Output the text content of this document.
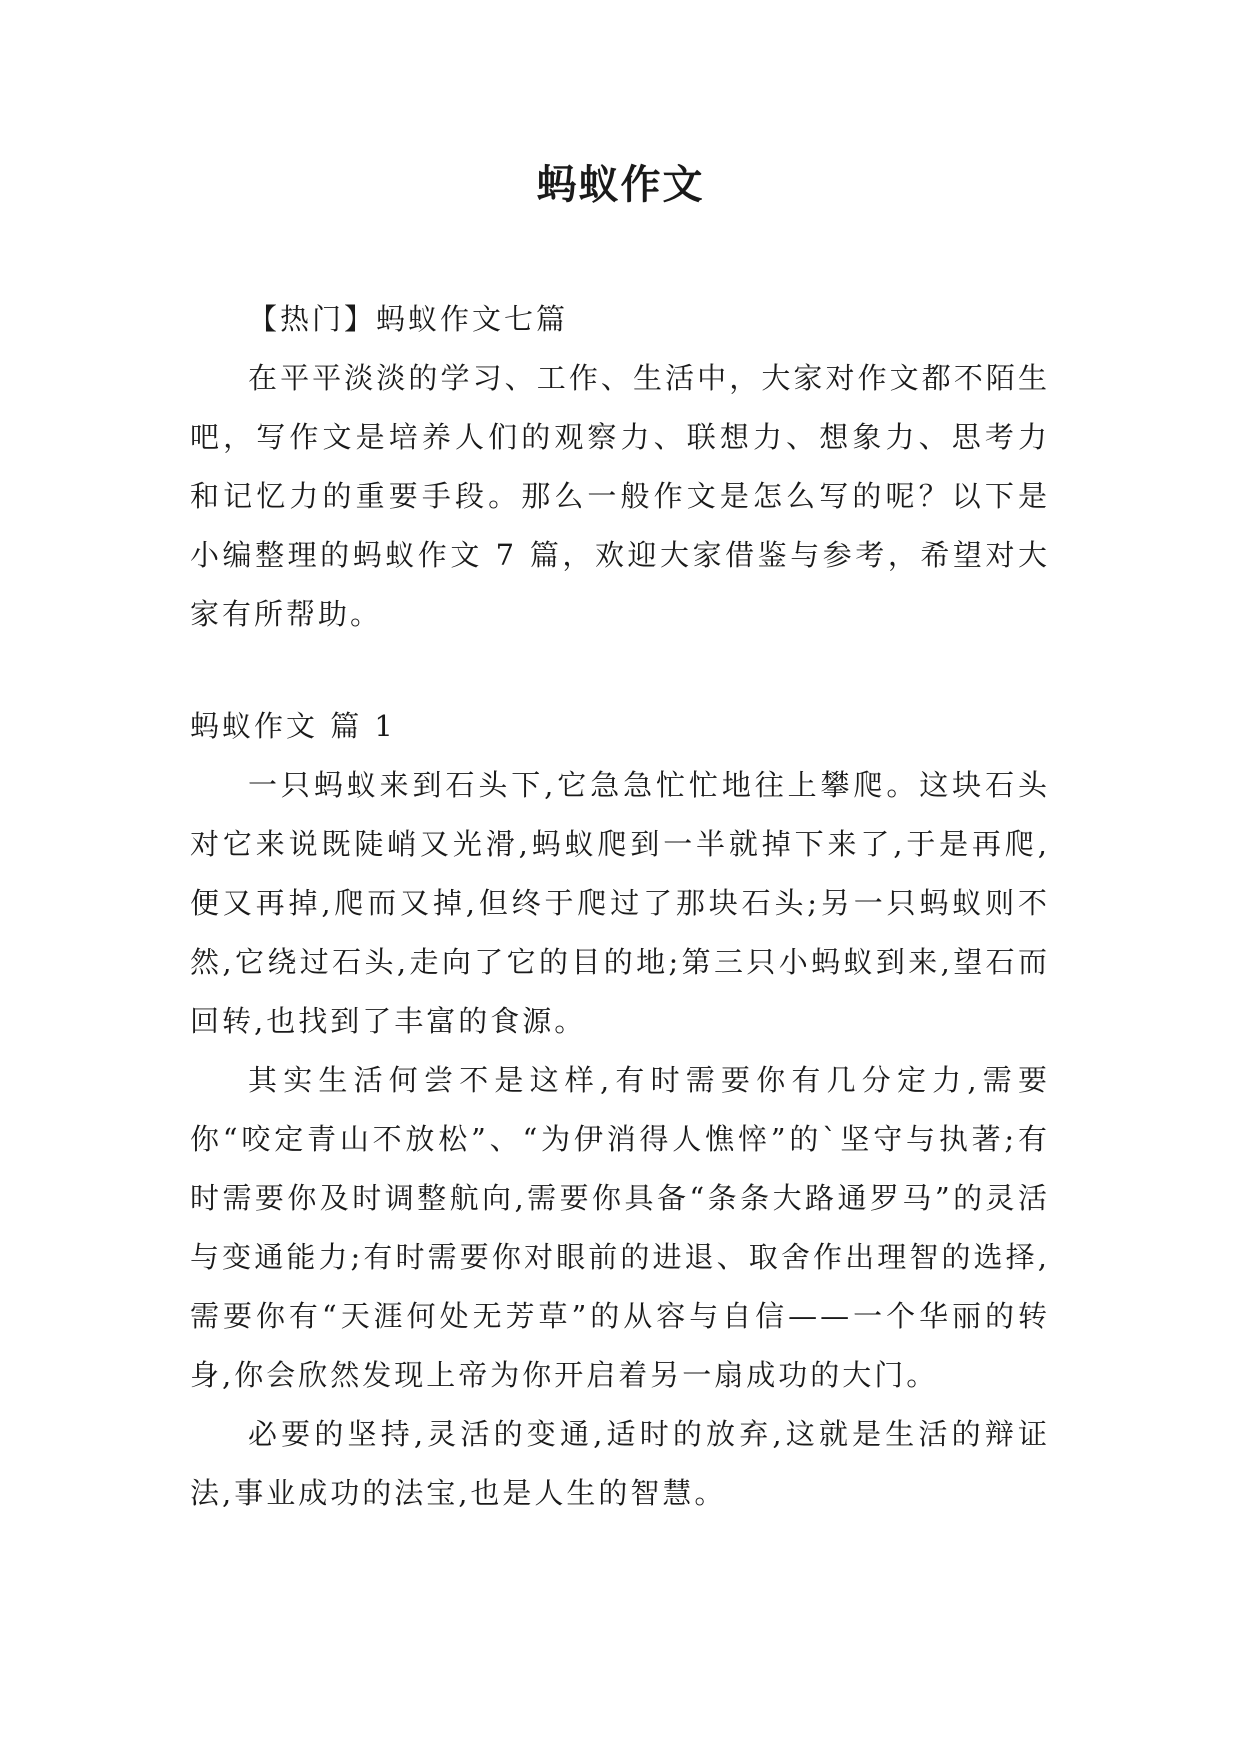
蚂蚁作文

【热门】蚂蚁作文七篇

在平平淡淡的学习、工作、生活中，大家对作文都不陌生吧，写作文是培养人们的观察力、联想力、想象力、思考力和记忆力的重要手段。那么一般作文是怎么写的呢？以下是小编整理的蚂蚁作文 7 篇，欢迎大家借鉴与参考，希望对大家有所帮助。

蚂蚁作文 篇 1

一只蚂蚁来到石头下,它急急忙忙地往上攀爬。这块石头对它来说既陡峭又光滑,蚂蚁爬到一半就掉下来了,于是再爬,便又再掉,爬而又掉,但终于爬过了那块石头;另一只蚂蚁则不然,它绕过石头,走向了它的目的地;第三只小蚂蚁到来,望石而回转,也找到了丰富的食源。

其实生活何尝不是这样,有时需要你有几分定力,需要你“咬定青山不放松”、“为伊消得人憔悴”的`坚守与执著;有时需要你及时调整航向,需要你具备“条条大路通罗马”的灵活与变通能力;有时需要你对眼前的进退、取舍作出理智的选择,需要你有“天涯何处无芳草”的从容与自信——一个华丽的转身,你会欣然发现上帝为你开启着另一扇成功的大门。

必要的坚持,灵活的变通,适时的放弃,这就是生活的辩证法,事业成功的法宝,也是人生的智慧。
